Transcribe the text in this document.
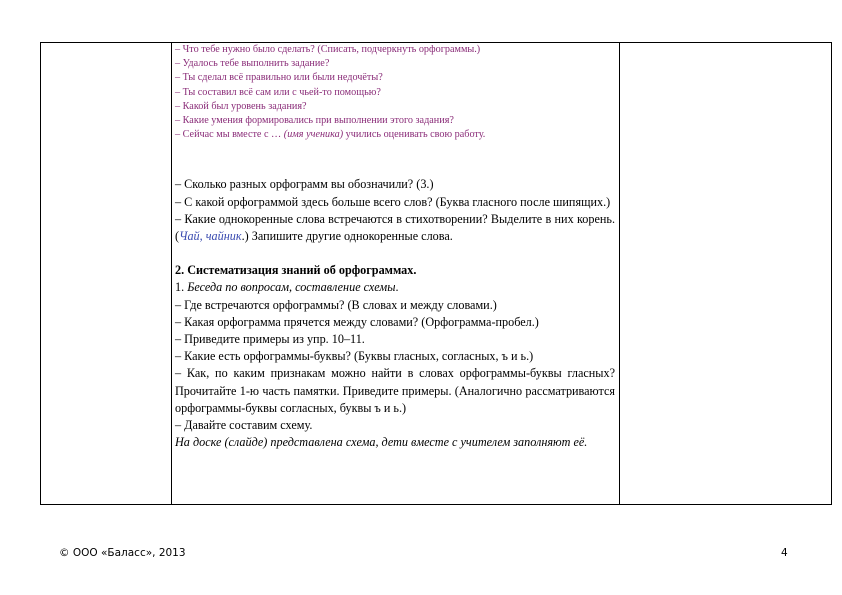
– Что тебе нужно было сделать? (Списать, подчеркнуть орфограммы.)
– Удалось тебе выполнить задание?
– Ты сделал всё правильно или были недочёты?
– Ты составил всё сам или с чьей-то помощью?
– Какой был уровень задания?
– Какие умения формировались при выполнении этого задания?
– Сейчас мы вместе с … (имя ученика) учились оценивать свою работу.

– Сколько разных орфограмм вы обозначили? (3.)

– С какой орфограммой здесь больше всего слов? (Буква гласного после шипящих.)

– Какие однокоренные слова встречаются в стихотворении? Выделите в них корень. (Чай, чайник.) Запишите другие однокоренные слова.

2. Систематизация знаний об орфограммах.

1. Беседа по вопросам, составление схемы.

– Где встречаются орфограммы? (В словах и между словами.)

– Какая орфограмма прячется между словами? (Орфограмма-пробел.)

– Приведите примеры из упр. 10–11.

– Какие есть орфограммы-буквы? (Буквы гласных, согласных, ъ и ь.)

– Как, по каким признакам можно найти в словах орфограммы-буквы гласных? Прочитайте 1-ю часть памятки. Приведите примеры. (Аналогично рассматриваются орфограммы-буквы согласных, буквы ъ и ь.)

– Давайте составим схему.

На доске (слайде) представлена схема, дети вместе с учителем заполняют её.

© ООО «Баласс», 2013	4
